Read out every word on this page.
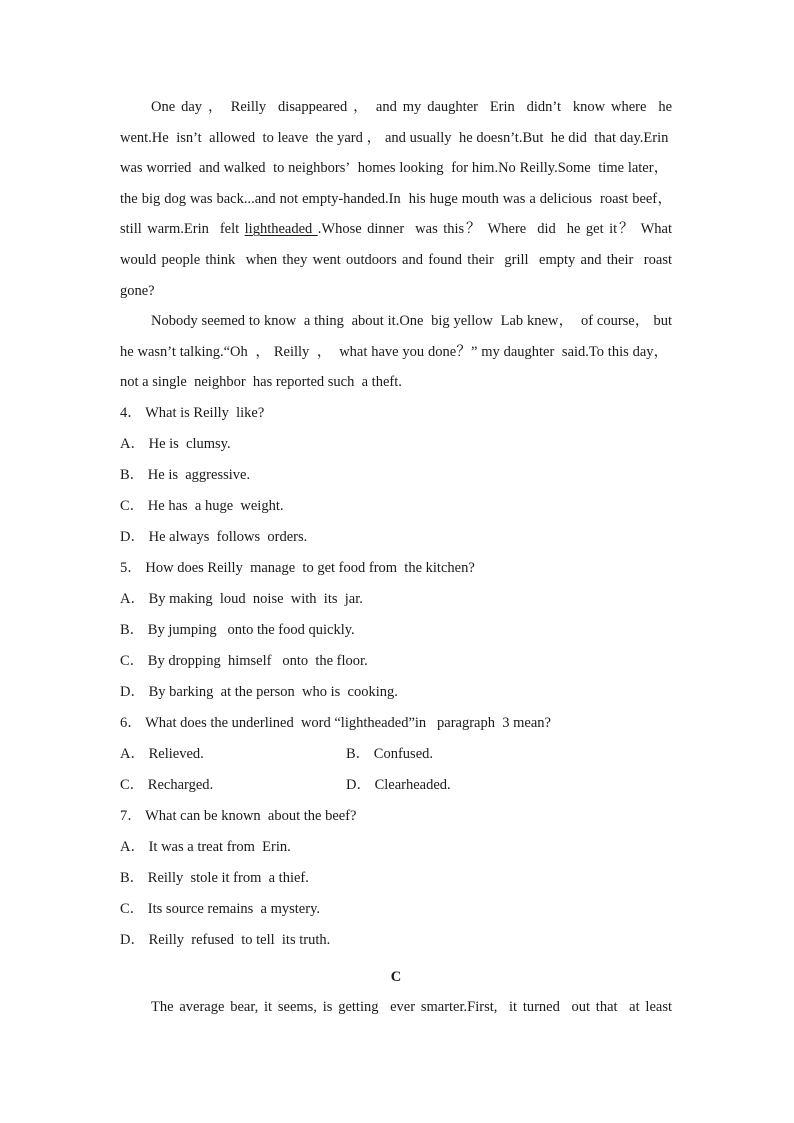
One day ， Reilly  disappeared ， and my daughter  Erin  didn’t  know where  he went.He  isn’t  allowed  to leave  the yard ， and usually  he doesn’t.But  he did  that day.Erin  was worried  and walked  to neighbors’  homes looking  for him.No Reilly.Some  time later，  the big dog was back...and not empty-handed.In  his huge mouth was a delicious  roast beef， still warm.Erin  felt lightheaded .Whose dinner  was this？ Where  did  he get it？ What would people think  when they went outdoors and found their  grill  empty and their  roast gone?

Nobody seemed to know  a thing  about it.One  big yellow  Lab knew，  of course， but he wasn’t talking.“Oh  ， Reilly  ，  what have you done？” my daughter  said.To this day，  not a single  neighbor  has reported such  a theft.

4． What is Reilly  like?

A． He is  clumsy.

B． He is  aggressive.

C． He has  a huge  weight.

D． He always  follows  orders.

5． How does Reilly  manage  to get food from  the kitchen?

A． By making  loud  noise  with  its  jar.

B． By jumping   onto the food quickly.

C． By dropping  himself   onto  the floor.

D． By barking  at the person  who is  cooking.

6． What does the underlined  word “lightheaded”in   paragraph  3 mean?

A． Relieved.	B． Confused.
C． Recharged.	D． Clearheaded.

7． What can be known  about the beef?

A． It was a treat from  Erin.

B． Reilly  stole it from  a thief.

C． Its source remains  a mystery.

D． Reilly  refused  to tell  its truth.

C

The average bear, it seems, is getting  ever smarter.First,  it turned  out that  at least
